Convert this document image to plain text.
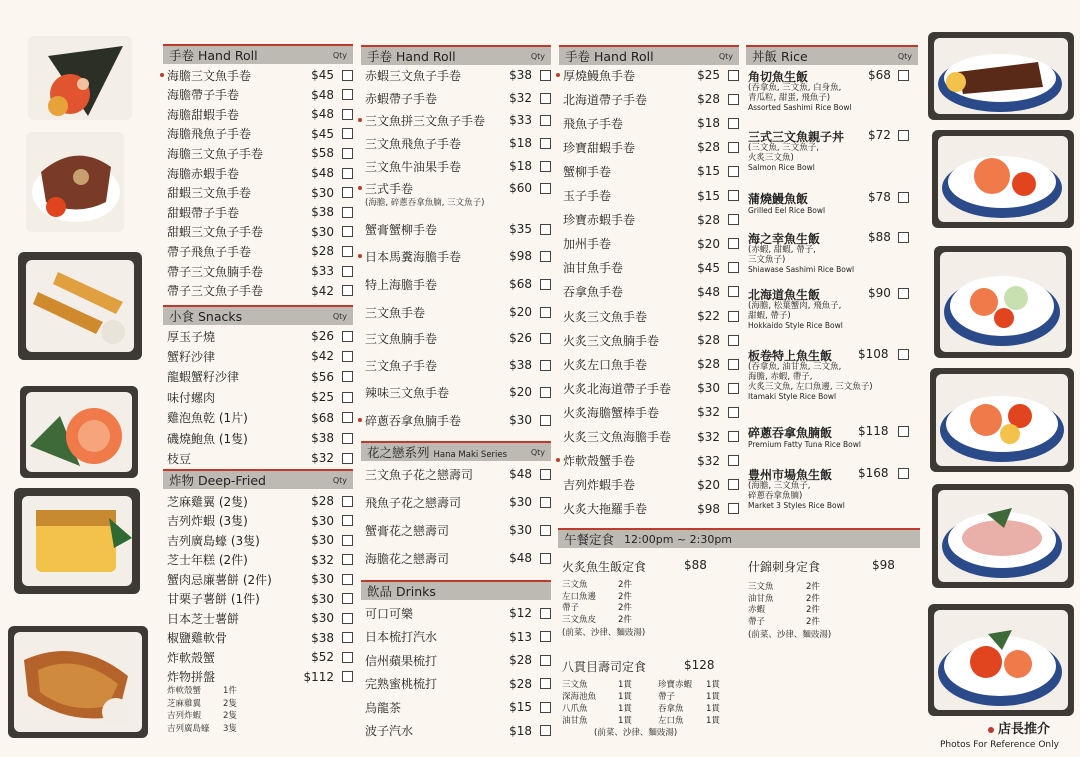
店長推介
Photos For Reference Only
手卷 Hand Roll	Qty
海膽三文魚手卷	$45
海膽帶子手卷	$48
海膽甜蝦手卷	$48
海膽飛魚子手卷	$45
海膽三文魚子手卷	$58
海膽赤蝦手卷	$48
甜蝦三文魚手卷	$30
甜蝦帶子手卷	$38
甜蝦三文魚子手卷	$30
帶子飛魚子手卷	$28
帶子三文魚腩手卷	$33
帶子三文魚子手卷	$42
小食 Snacks	Qty
厚玉子燒	$26
蟹籽沙律	$42
龍蝦蟹籽沙律	$56
味付螺肉	$25
雞泡魚乾 (1片)	$68
磯燒鮑魚 (1隻)	$38
枝豆	$32
炸物 Deep-Fried	Qty
芝麻雞翼 (2隻)	$28
吉列炸蝦 (3隻)	$30
吉列廣島蠔 (3隻)	$30
芝士年糕 (2件)	$32
蟹肉忌廉薯餅 (2件)	$30
甘栗子薯餅 (1件)	$30
日本芝士薯餅	$30
椒鹽雞軟骨	$38
炸軟殼蟹	$52
炸物拼盤	$112
炸軟殼蟹	1件
芝麻雞翼	2隻
吉列炸蝦	2隻
吉列廣島蠔 3隻
手卷 Hand Roll	Qty
赤蝦三文魚子手卷	$38
赤蝦帶子手卷	$32
三文魚拼三文魚子手卷	$33
三文魚飛魚子手卷	$18
三文魚牛油果手卷	$18
三式手卷	$60
(海膽, 碎蔥吞拿魚腩, 三文魚子)
蟹膏蟹柳手卷	$35
日本馬糞海膽手卷	$98
特上海膽手卷	$68
三文魚手卷	$20
三文魚腩手卷	$26
三文魚子手卷	$38
辣味三文魚手卷	$20
碎蔥吞拿魚腩手卷	$30
花之戀系列 Hana Maki Series	Qty
三文魚子花之戀壽司	$48
飛魚子花之戀壽司	$30
蟹膏花之戀壽司	$30
海膽花之戀壽司	$48
飲品 Drinks
可口可樂	$12
日本梳打汽水	$13
信州蘋果梳打	$28
完熟蜜桃梳打	$28
烏龍茶	$15
波子汽水	$18
手卷 Hand Roll	Qty
厚燒鰻魚手卷	$25
北海道帶子手卷	$28
飛魚子手卷	$18
珍寶甜蝦手卷	$28
蟹柳手卷	$15
玉子手卷	$15
珍寶赤蝦手卷	$28
加州手卷	$20
油甘魚手卷	$45
吞拿魚手卷	$48
火炙三文魚手卷	$22
火炙三文魚腩手卷	$28
火炙左口魚手卷	$28
火炙北海道帶子手卷	$30
火炙海膽蟹棒手卷	$32
火炙三文魚海膽手卷	$32
炸軟殼蟹手卷	$32
吉列炸蝦手卷	$20
火炙大拖羅手卷	$98
丼飯 Rice	Qty
角切魚生飯	$68
(吞拿魚, 三文魚, 白身魚,
青瓜粒, 甜蛋, 飛魚子)
Assorted Sashimi Rice Bowl
三式三文魚親子丼 $72
(三文魚, 三文魚子,
火炙三文魚)
Salmon Rice Bowl
蒲燒鰻魚飯	$78
Grilled Eel Rice Bowl
海之幸魚生飯	$88
(赤蝦, 甜蝦, 帶子,
三文魚子)
Shiawase Sashimi Rice Bowl
北海道魚生飯	$90
(海膽, 松葉蟹肉, 飛魚子,
甜蝦, 帶子)
Hokkaido Style Rice Bowl
板卷特上魚生飯 $108
(吞拿魚, 油甘魚, 三文魚,
海膽, 赤蝦, 帶子,
火炙三文魚, 左口魚邊, 三文魚子)
Itamaki Style Rice Bowl
碎蔥吞拿魚腩飯 $118
Premium Fatty Tuna Rice Bowl
豊州市場魚生飯 $168
(海膽, 三文魚子,
碎蔥吞拿魚腩)
Market 3 Styles Rice Bowl
午餐定食 12:00pm ~ 2:30pm
火炙魚生飯定食	$88
三文魚	2件
左口魚邊	2件
帶子	2件
三文魚皮	2件
(前菜、沙律、麵豉湯)
什錦刺身定食	$98
三文魚	2件
油甘魚	2件
赤蝦	2件
帶子	2件
(前菜、沙律、麵豉湯)
八貫目壽司定食	$128
三文魚	1貫
深海池魚	1貫
八爪魚	1貫
油甘魚	1貫
珍寶赤蝦 1貫
帶子	1貫
吞拿魚	1貫
左口魚	1貫
(前菜、沙律、麵豉湯)
